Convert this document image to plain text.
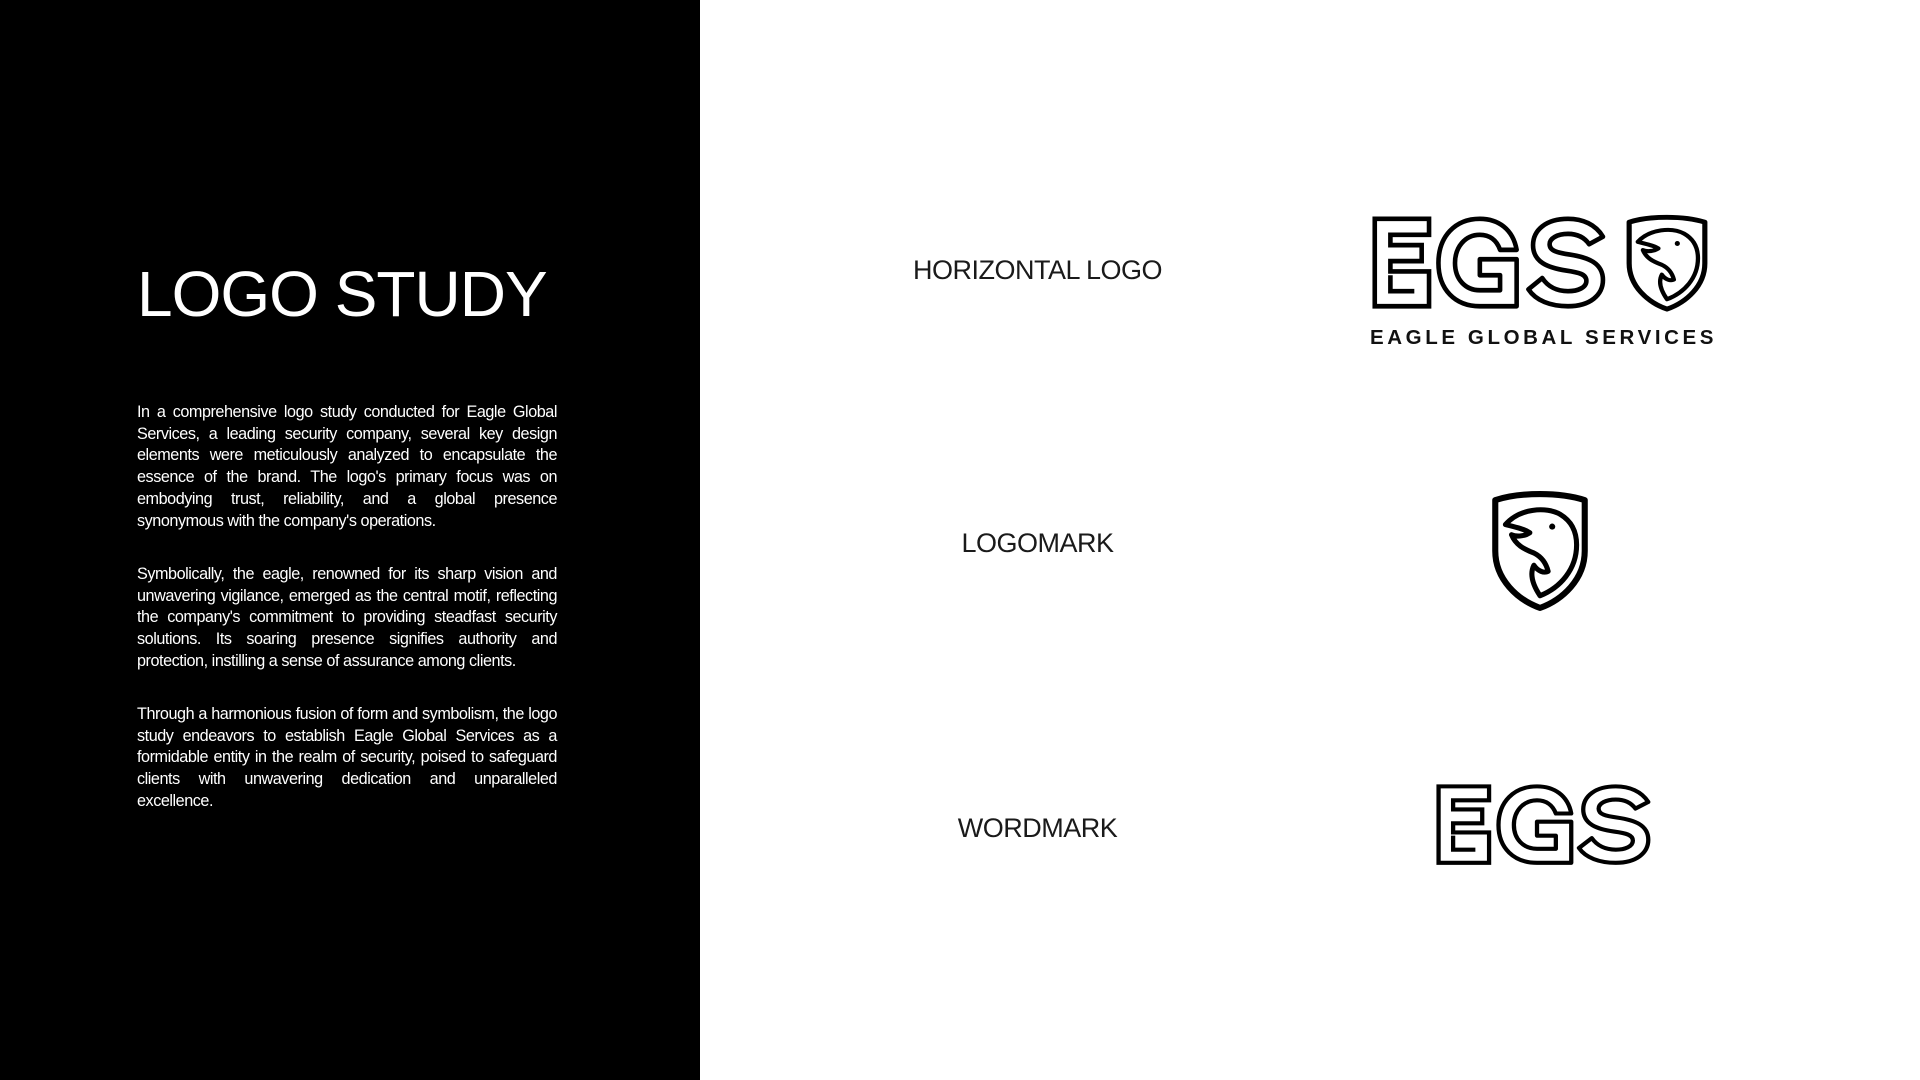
LOGO STUDY

In a comprehensive logo study conducted for Eagle Global Services, a leading security company, several key design elements were meticulously analyzed to encapsulate the essence of the brand. The logo's primary focus was on embodying trust, reliability, and a global presence synonymous with the company's operations.

Symbolically, the eagle, renowned for its sharp vision and unwavering vigilance, emerged as the central motif, reflecting the company's commitment to providing steadfast security solutions. Its soaring presence signifies authority and protection, instilling a sense of assurance among clients.

Through a harmonious fusion of form and symbolism, the logo study endeavors to establish Eagle Global Services as a formidable entity in the realm of security, poised to safeguard clients with unwavering dedication and unparalleled excellence.

HORIZONTAL LOGO
EAGLE GLOBAL SERVICES
LOGOMARK
WORDMARK
